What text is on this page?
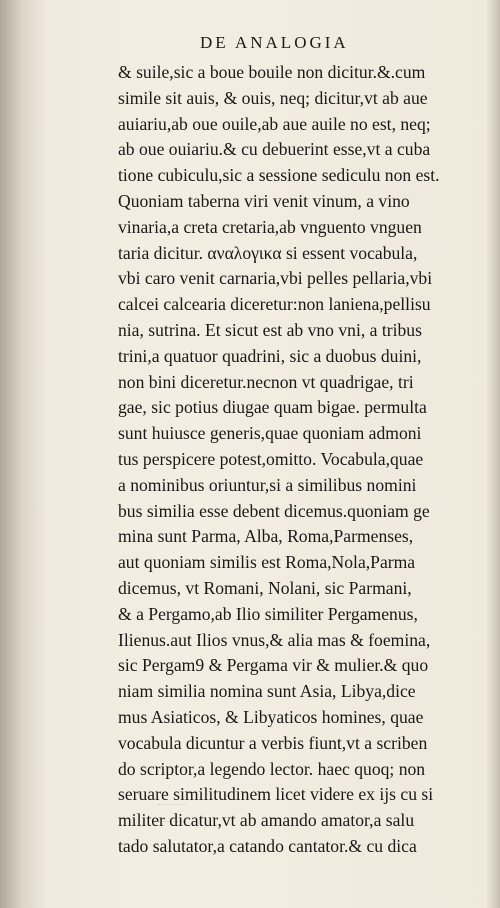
DE ANALOGIA
& suile,sic a boue bouile non dicitur.&.cum
simile sit auis, & ouis, neq; dicitur,vt ab aue
auiariu,ab oue ouile,ab aue auile no est, neq;
ab oue ouiariu.& cu debuerint esse,vt a cuba
tione cubiculu,sic a sessione sediculu non est.
Quoniam taberna viri venit vinum, a vino
vinaria,a creta cretaria,ab vnguento vnguen
taria dicitur. αναλογικα si essent vocabula,
vbi caro venit carnaria,vbi pelles pellaria,vbi
calcei calcearia diceretur:non laniena,pellisu
nia, sutrina. Et sicut est ab vno vni, a tribus
trini,a quatuor quadrini, sic a duobus duini,
non bini diceretur.necnon vt quadrigae, tri
gae, sic potius diugae quam bigae. permulta
sunt huiusce generis,quae quoniam admoni
tus perspicere potest,omitto. Vocabula,quae
a nominibus oriuntur,si a similibus nomini
bus similia esse debent dicemus.quoniam ge
mina sunt Parma, Alba, Roma,Parmenses,
aut quoniam similis est Roma,Nola,Parma
dicemus, vt Romani, Nolani, sic Parmani,
& a Pergamo,ab Ilio similiter Pergamenus,
Ilienus.aut Ilios vnus,& alia mas & foemina,
sic Pergam9 & Pergama vir & mulier.& quo
niam similia nomina sunt Asia, Libya,dice
mus Asiaticos, & Libyaticos homines, quae
vocabula dicuntur a verbis fiunt,vt a scriben
do scriptor,a legendo lector. haec quoq; non
seruare similitudinem licet videre ex ijs cu si
militer dicatur,vt ab amando amator,a salu
tado salutator,a catando cantator.& cu dica
